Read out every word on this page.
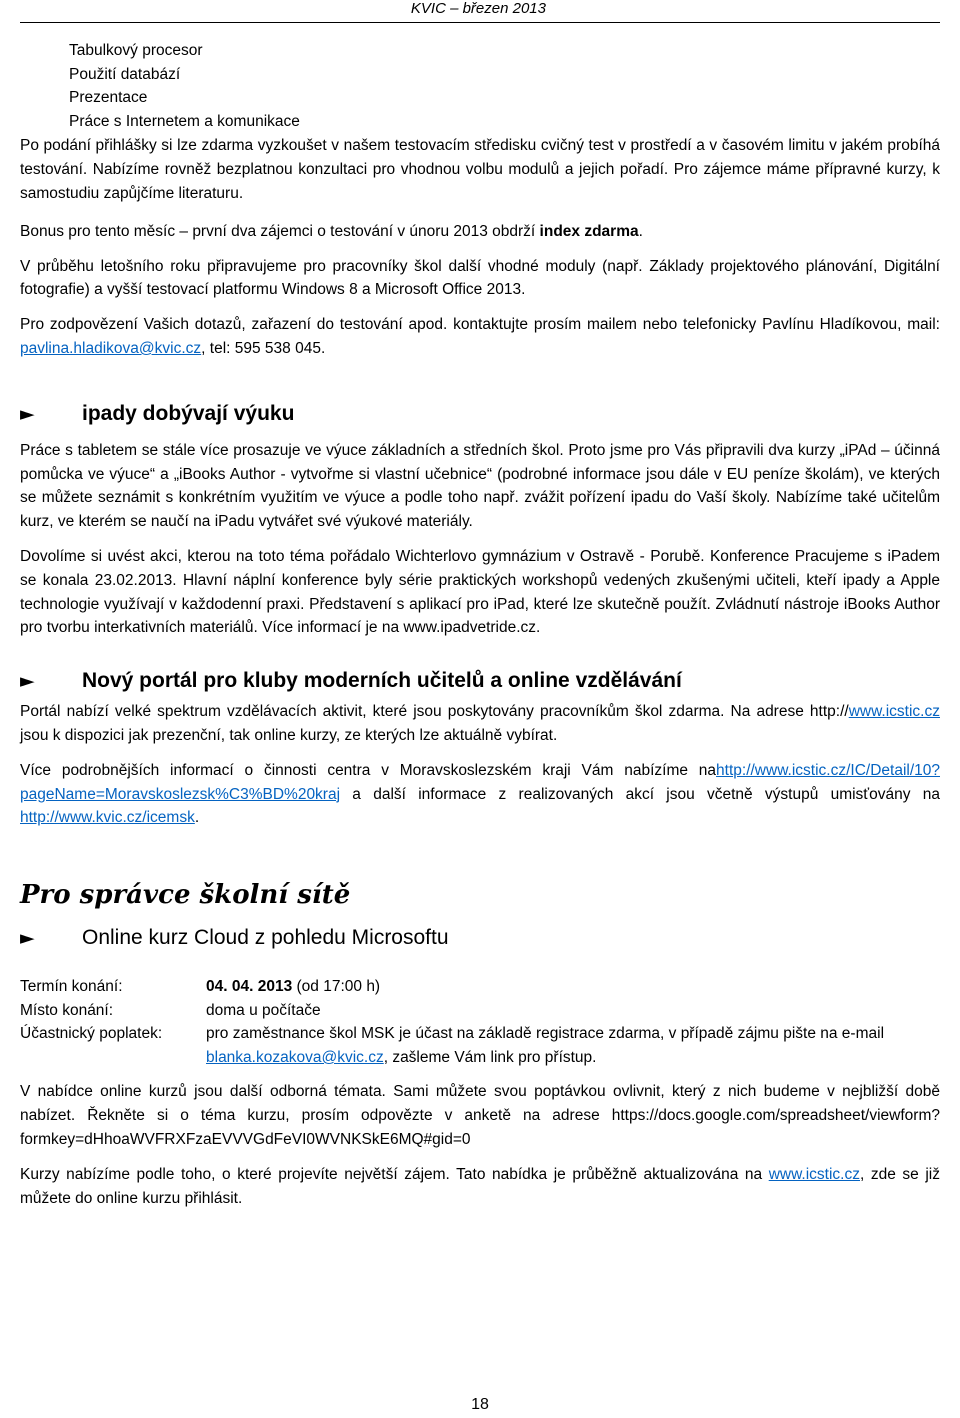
KVIC – březen 2013
Tabulkový procesor
Použití databází
Prezentace
Práce s Internetem a komunikace

Po podání přihlášky si lze zdarma vyzkoušet v našem testovacím středisku cvičný test v prostředí a v časovém limitu v jakém probíhá testování. Nabízíme rovněž bezplatnou konzultaci pro vhodnou volbu modulů a jejich pořadí. Pro zájemce máme přípravné kurzy, k samostudiu zapůjčíme literaturu.

Bonus pro tento měsíc – první dva zájemci o testování v únoru 2013 obdrží index zdarma.

V průběhu letošního roku připravujeme pro pracovníky škol další vhodné moduly (např. Základy projektového plánování, Digitální fotografie) a vyšší testovací platformu Windows 8 a Microsoft Office 2013.

Pro zodpovězení Vašich dotazů, zařazení do testování apod. kontaktujte prosím mailem nebo telefonicky Pavlínu Hladíkovou, mail: pavlina.hladikova@kvic.cz, tel: 595 538 045.

►	ipady dobývají výuku

Práce s tabletem se stále více prosazuje ve výuce základních a středních škol. Proto jsme pro Vás připravili dva kurzy „iPAd – účinná pomůcka ve výuce“ a „iBooks Author - vytvořme si vlastní učebnice“ (podrobné informace jsou dále v EU peníze školám), ve kterých se můžete seznámit s konkrétním využitím ve výuce a podle toho např. zvážit pořízení ipadu do Vaší školy. Nabízíme také učitelům kurz, ve kterém se naučí na iPadu vytvářet své výukové materiály.

Dovolíme si uvést akci, kterou na toto téma pořádalo Wichterlovo gymnázium v Ostravě - Porubě. Konference Pracujeme s iPadem se konala 23.02.2013. Hlavní náplní konference byly série praktických workshopů vedených zkušenými učiteli, kteří ipady a Apple technologie využívají v každodenní praxi. Představení s aplikací pro iPad, které lze skutečně použít. Zvládnutí nástroje iBooks Author pro tvorbu interkativních materiálů. Více informací je na www.ipadvetride.cz.

►	Nový portál pro kluby moderních učitelů a online vzdělávání

Portál nabízí velké spektrum vzdělávacích aktivit, které jsou poskytovány pracovníkům škol zdarma. Na adrese http://www.icstic.cz jsou k dispozici jak prezenční, tak online kurzy, ze kterých lze aktuálně vybírat.

Více podrobnějších informací o činnosti centra v Moravskoslezském kraji Vám nabízíme nahttp://www.icstic.cz/IC/Detail/10?pageName=Moravskoslezsk%C3%BD%20kraj a další informace z realizovaných akcí jsou včetně výstupů umisťovány na http://www.kvic.cz/icemsk.

Pro správce školní sítě
►	Online kurz Cloud z pohledu Microsoftu
Termín konání:	04. 04. 2013 (od 17:00 h)
Místo konání:	doma u počítače
Účastnický poplatek:	pro zaměstnance škol MSK je účast na základě registrace zdarma, v případě zájmu pište na e-mail blanka.kozakova@kvic.cz, zašleme Vám link pro přístup.

V nabídce online kurzů jsou další odborná témata. Sami můžete svou poptávkou ovlivnit, který z nich budeme v nejbližší době nabízet. Řekněte si o téma kurzu, prosím odpovězte v anketě na adrese https://docs.google.com/spreadsheet/viewform?formkey=dHhoaWVFRXFzaEVVVGdFeVI0WVNKSkE6MQ#gid=0

Kurzy nabízíme podle toho, o které projevíte největší zájem. Tato nabídka je průběžně aktualizována na www.icstic.cz, zde se již můžete do online kurzu přihlásit.

18
